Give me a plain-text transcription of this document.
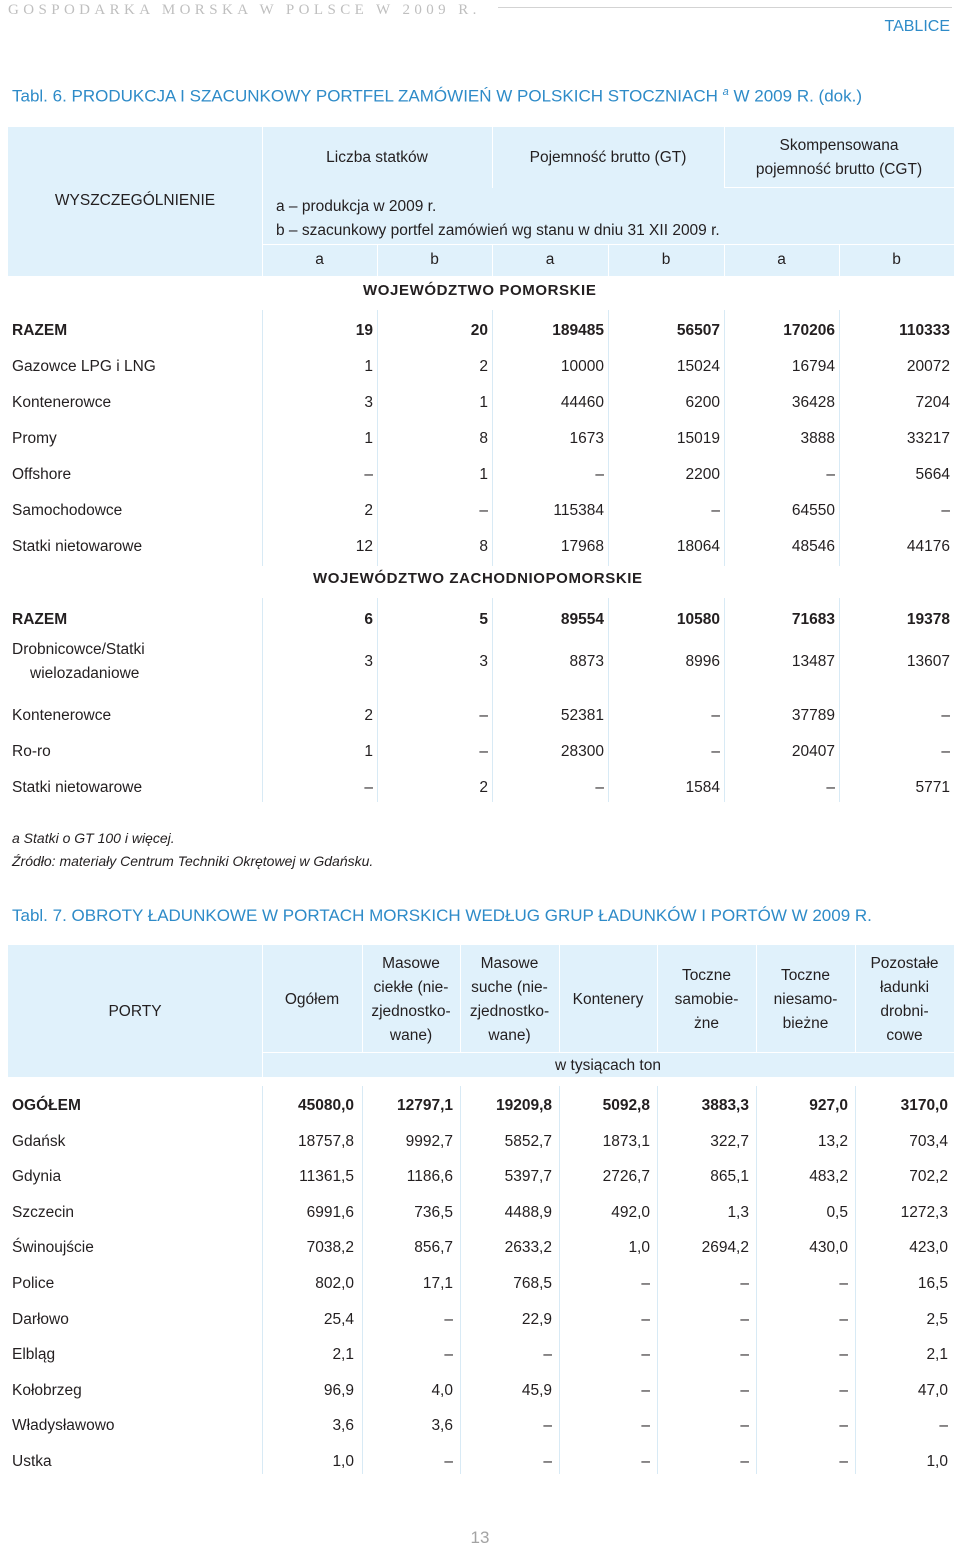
GOSPODARKA MORSKA W POLSCE W 2009 R.
TABLICE
Tabl. 6. PRODUKCJA I SZACUNKOWY PORTFEL ZAMÓWIEŃ W POLSKICH STOCZNIACH $^a$ W 2009 R. (dok.)
WYSZCZEGÓLNIENIE
Liczba statków	Pojemność brutto (GT)
Skompensowana
pojemność brutto (CGT)
a – produkcja w 2009 r.
b – szacunkowy portfel zamówień wg stanu w dniu 31 XII 2009 r.
a	b	a	b	a	b
WOJEWÓDZTWO POMORSKIE
RAZEM	19	20	189485	56507	170206	110333
Gazowce LPG i LNG	1	2	10000	15024	16794	20072
Kontenerowce	3	1	44460	6200	36428	7204
Promy	1	8	1673	15019	3888	33217
Offshore	–	1	–	2200	–	5664
Samochodowce	2	–	115384	–	64550	–
Statki nietowarowe	12	8	17968	18064	48546	44176
WOJEWÓDZTWO ZACHODNIOPOMORSKIE
RAZEM	6	5	89554	10580	71683	19378
Drobnicowce/Statki
wielozadaniowe
3	3	8873	8996	13487	13607
Kontenerowce	2	–	52381	–	37789	–
Ro-ro	1	–	28300	–	20407	–
Statki nietowarowe	–	2	–	1584	–	5771
a Statki o GT 100 i więcej.
Źródło: materiały Centrum Techniki Okrętowej w Gdańsku.
Tabl. 7. OBROTY ŁADUNKOWE W PORTACH MORSKICH WEDŁUG GRUP ŁADUNKÓW I PORTÓW W 2009 R.
PORTY
Ogółem
Masowe
ciekłe (nie-
zjednostko-
wane)
Masowe
suche (nie-
zjednostko-
wane)
Kontenery
Toczne
samobie-
żne
Toczne
niesamo-
bieżne
Pozostałe
ładunki
drobni-
cowe
w tysiącach ton
OGÓŁEM	45080,0	12797,1	19209,8	5092,8	3883,3	927,0	3170,0
Gdańsk	18757,8	9992,7	5852,7	1873,1	322,7	13,2	703,4
Gdynia	11361,5	1186,6	5397,7	2726,7	865,1	483,2	702,2
Szczecin	6991,6	736,5	4488,9	492,0	1,3	0,5	1272,3
Świnoujście	7038,2	856,7	2633,2	1,0	2694,2	430,0	423,0
Police	802,0	17,1	768,5	–	–	–	16,5
Darłowo	25,4	–	22,9	–	–	–	2,5
Elbląg	2,1	–	–	–	–	–	2,1
Kołobrzeg	96,9	4,0	45,9	–	–	–	47,0
Władysławowo	3,6	3,6	–	–	–	–	–
Ustka	1,0	–	–	–	–	–	1,0
13
